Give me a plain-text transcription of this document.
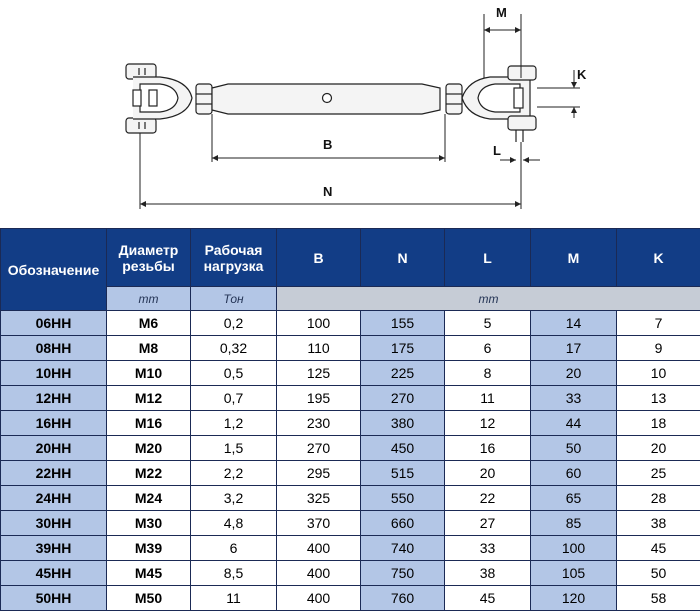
M
K
B	L
N
Обозначение	Диаметр резьбы	Рабочая нагрузка	B	N	L	M	K
	mm	Тон	mm				
06HH	M6	0,2	100	155	5	14	7
08HH	M8	0,32	110	175	6	17	9
10HH	M10	0,5	125	225	8	20	10
12HH	M12	0,7	195	270	11	33	13
16HH	M16	1,2	230	380	12	44	18
20HH	M20	1,5	270	450	16	50	20
22HH	M22	2,2	295	515	20	60	25
24HH	M24	3,2	325	550	22	65	28
30HH	M30	4,8	370	660	27	85	38
39HH	M39	6	400	740	33	100	45
45HH	M45	8,5	400	750	38	105	50
50HH	M50	11	400	760	45	120	58
